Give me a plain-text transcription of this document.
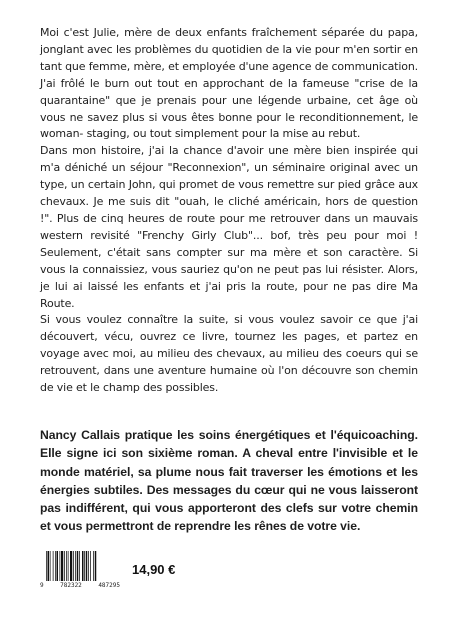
Moi c'est Julie, mère de deux enfants fraîchement séparée du papa, jonglant avec les problèmes du quotidien de la vie pour m'en sortir en tant que femme, mère, et employée d'une agence de communication. J'ai frôlé le burn out tout en approchant de la fameuse "crise de la quarantaine" que je prenais pour une légende urbaine, cet âge où vous ne savez plus si vous êtes bonne pour le reconditionnement, le woman- staging, ou tout simplement pour la mise au rebut.

Dans mon histoire, j'ai la chance d'avoir une mère bien inspirée qui m'a déniché un séjour "Reconnexion", un séminaire original avec un type, un certain John, qui promet de vous remettre sur pied grâce aux chevaux. Je me suis dit "ouah, le cliché américain, hors de question !". Plus de cinq heures de route pour me retrouver dans un mauvais western revisité "Frenchy Girly Club"... bof, très peu pour moi ! Seulement, c'était sans compter sur ma mère et son caractère. Si vous la connaissiez, vous sauriez qu'on ne peut pas lui résister. Alors, je lui ai laissé les enfants et j'ai pris la route, pour ne pas dire Ma Route.

Si vous voulez connaître la suite, si vous voulez savoir ce que j'ai découvert, vécu, ouvrez ce livre, tournez les pages, et partez en voyage avec moi, au milieu des chevaux, au milieu des coeurs qui se retrouvent, dans une aventure humaine où l'on découvre son chemin de vie et le champ des possibles.

Nancy Callais pratique les soins énergétiques et l'équicoaching. Elle signe ici son sixième roman. A cheval entre l'invisible et le monde matériel, sa plume nous fait traverser les émotions et les énergies subtiles. Des messages du cœur qui ne vous laisseront pas indifférent, qui vous apporteront des clefs sur votre chemin et vous permettront de reprendre les rênes de votre vie.

9	782322	487295
14,90 €
